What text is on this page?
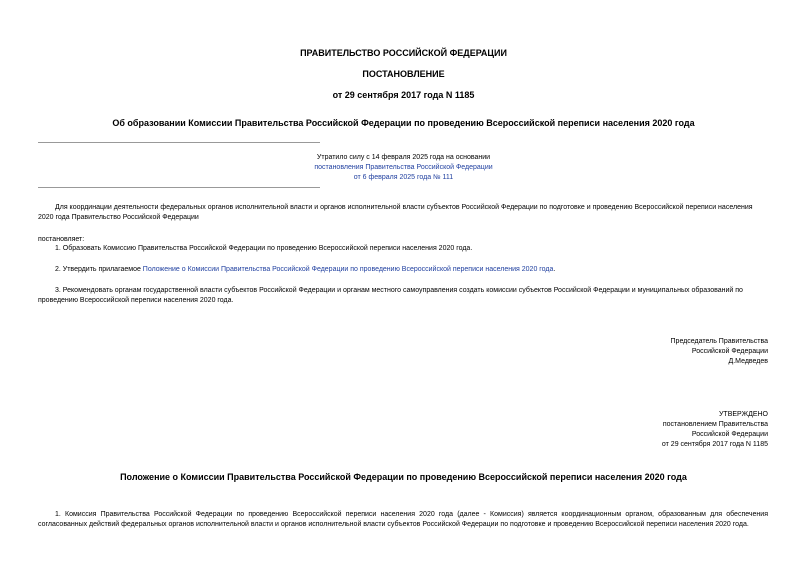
ПРАВИТЕЛЬСТВО РОССИЙСКОЙ ФЕДЕРАЦИИ
ПОСТАНОВЛЕНИЕ
от 29 сентября 2017 года N 1185
Об образовании Комиссии Правительства Российской Федерации по проведению Всероссийской переписи населения 2020 года
Утратило силу с 14 февраля 2025 года на основании
постановления Правительства Российской Федерации
от 6 февраля 2025 года № 111
Для координации деятельности федеральных органов исполнительной власти и органов исполнительной власти субъектов Российской Федерации по подготовке и проведению Всероссийской переписи населения 2020 года Правительство Российской Федерации
постановляет:
1. Образовать Комиссию Правительства Российской Федерации по проведению Всероссийской переписи населения 2020 года.
2. Утвердить прилагаемое Положение о Комиссии Правительства Российской Федерации по проведению Всероссийской переписи населения 2020 года.
3. Рекомендовать органам государственной власти субъектов Российской Федерации и органам местного самоуправления создать комиссии субъектов Российской Федерации и муниципальных образований по проведению Всероссийской переписи населения 2020 года.
Председатель Правительства
Российской Федерации
Д.Медведев
УТВЕРЖДЕНО
постановлением Правительства
Российской Федерации
от 29 сентября 2017 года N 1185
Положение о Комиссии Правительства Российской Федерации по проведению Всероссийской переписи населения 2020 года
1. Комиссия Правительства Российской Федерации по проведению Всероссийской переписи населения 2020 года (далее - Комиссия) является координационным органом, образованным для обеспечения согласованных действий федеральных органов исполнительной власти и органов исполнительной власти субъектов Российской Федерации по подготовке и проведению Всероссийской переписи населения 2020 года.
